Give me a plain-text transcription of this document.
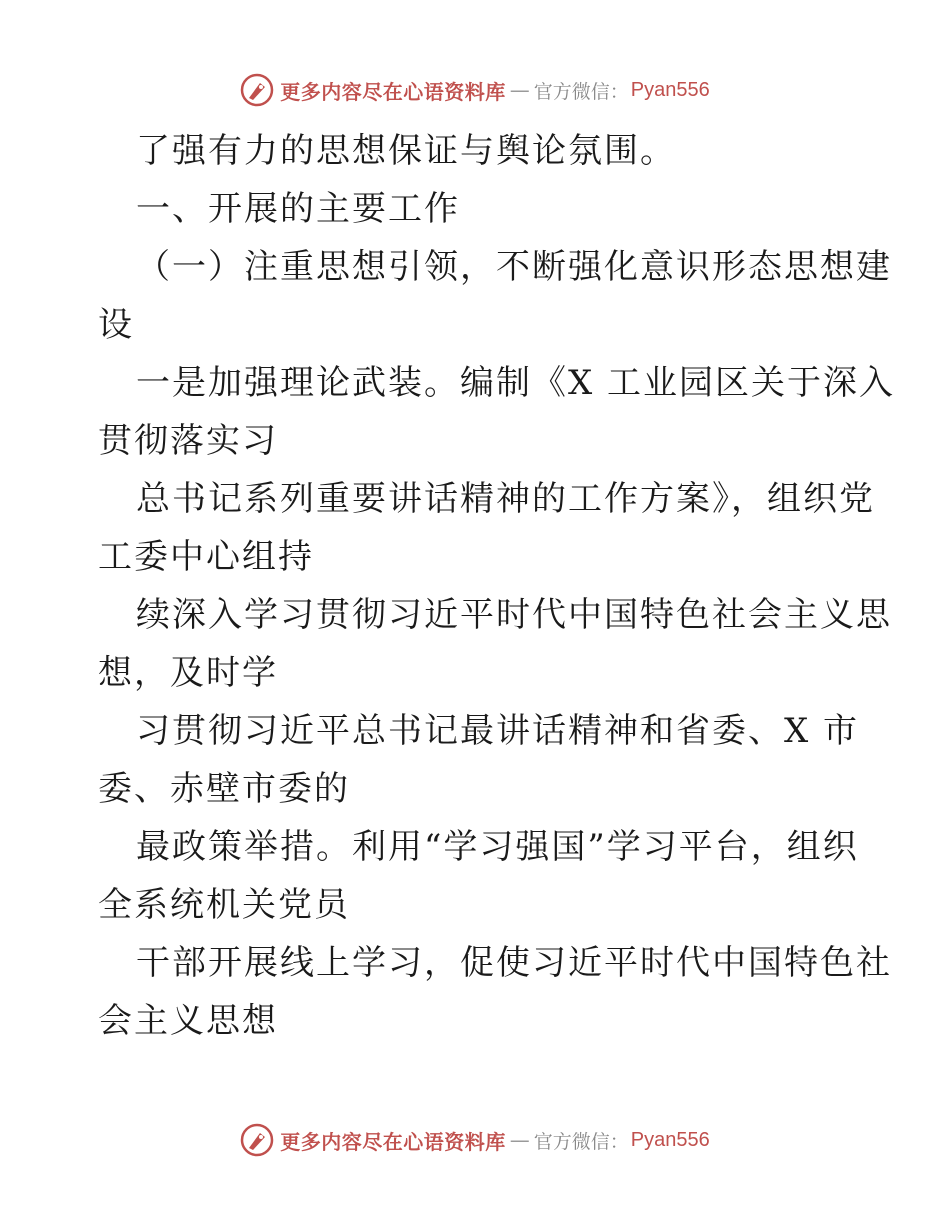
更多内容尽在心语资料库 — 官方微信： Pyan556
了强有力的思想保证与舆论氛围。
一、开展的主要工作
（一）注重思想引领，不断强化意识形态思想建
设
一是加强理论武装。编制《X 工业园区关于深入
贯彻落实习
总书记系列重要讲话精神的工作方案》，组织党
工委中心组持
续深入学习贯彻习近平时代中国特色社会主义思
想，及时学
习贯彻习近平总书记最讲话精神和省委、X 市
委、赤壁市委的
最政策举措。利用“学习强国”学习平台，组织
全系统机关党员
干部开展线上学习，促使习近平时代中国特色社
会主义思想
更多内容尽在心语资料库 — 官方微信： Pyan556
